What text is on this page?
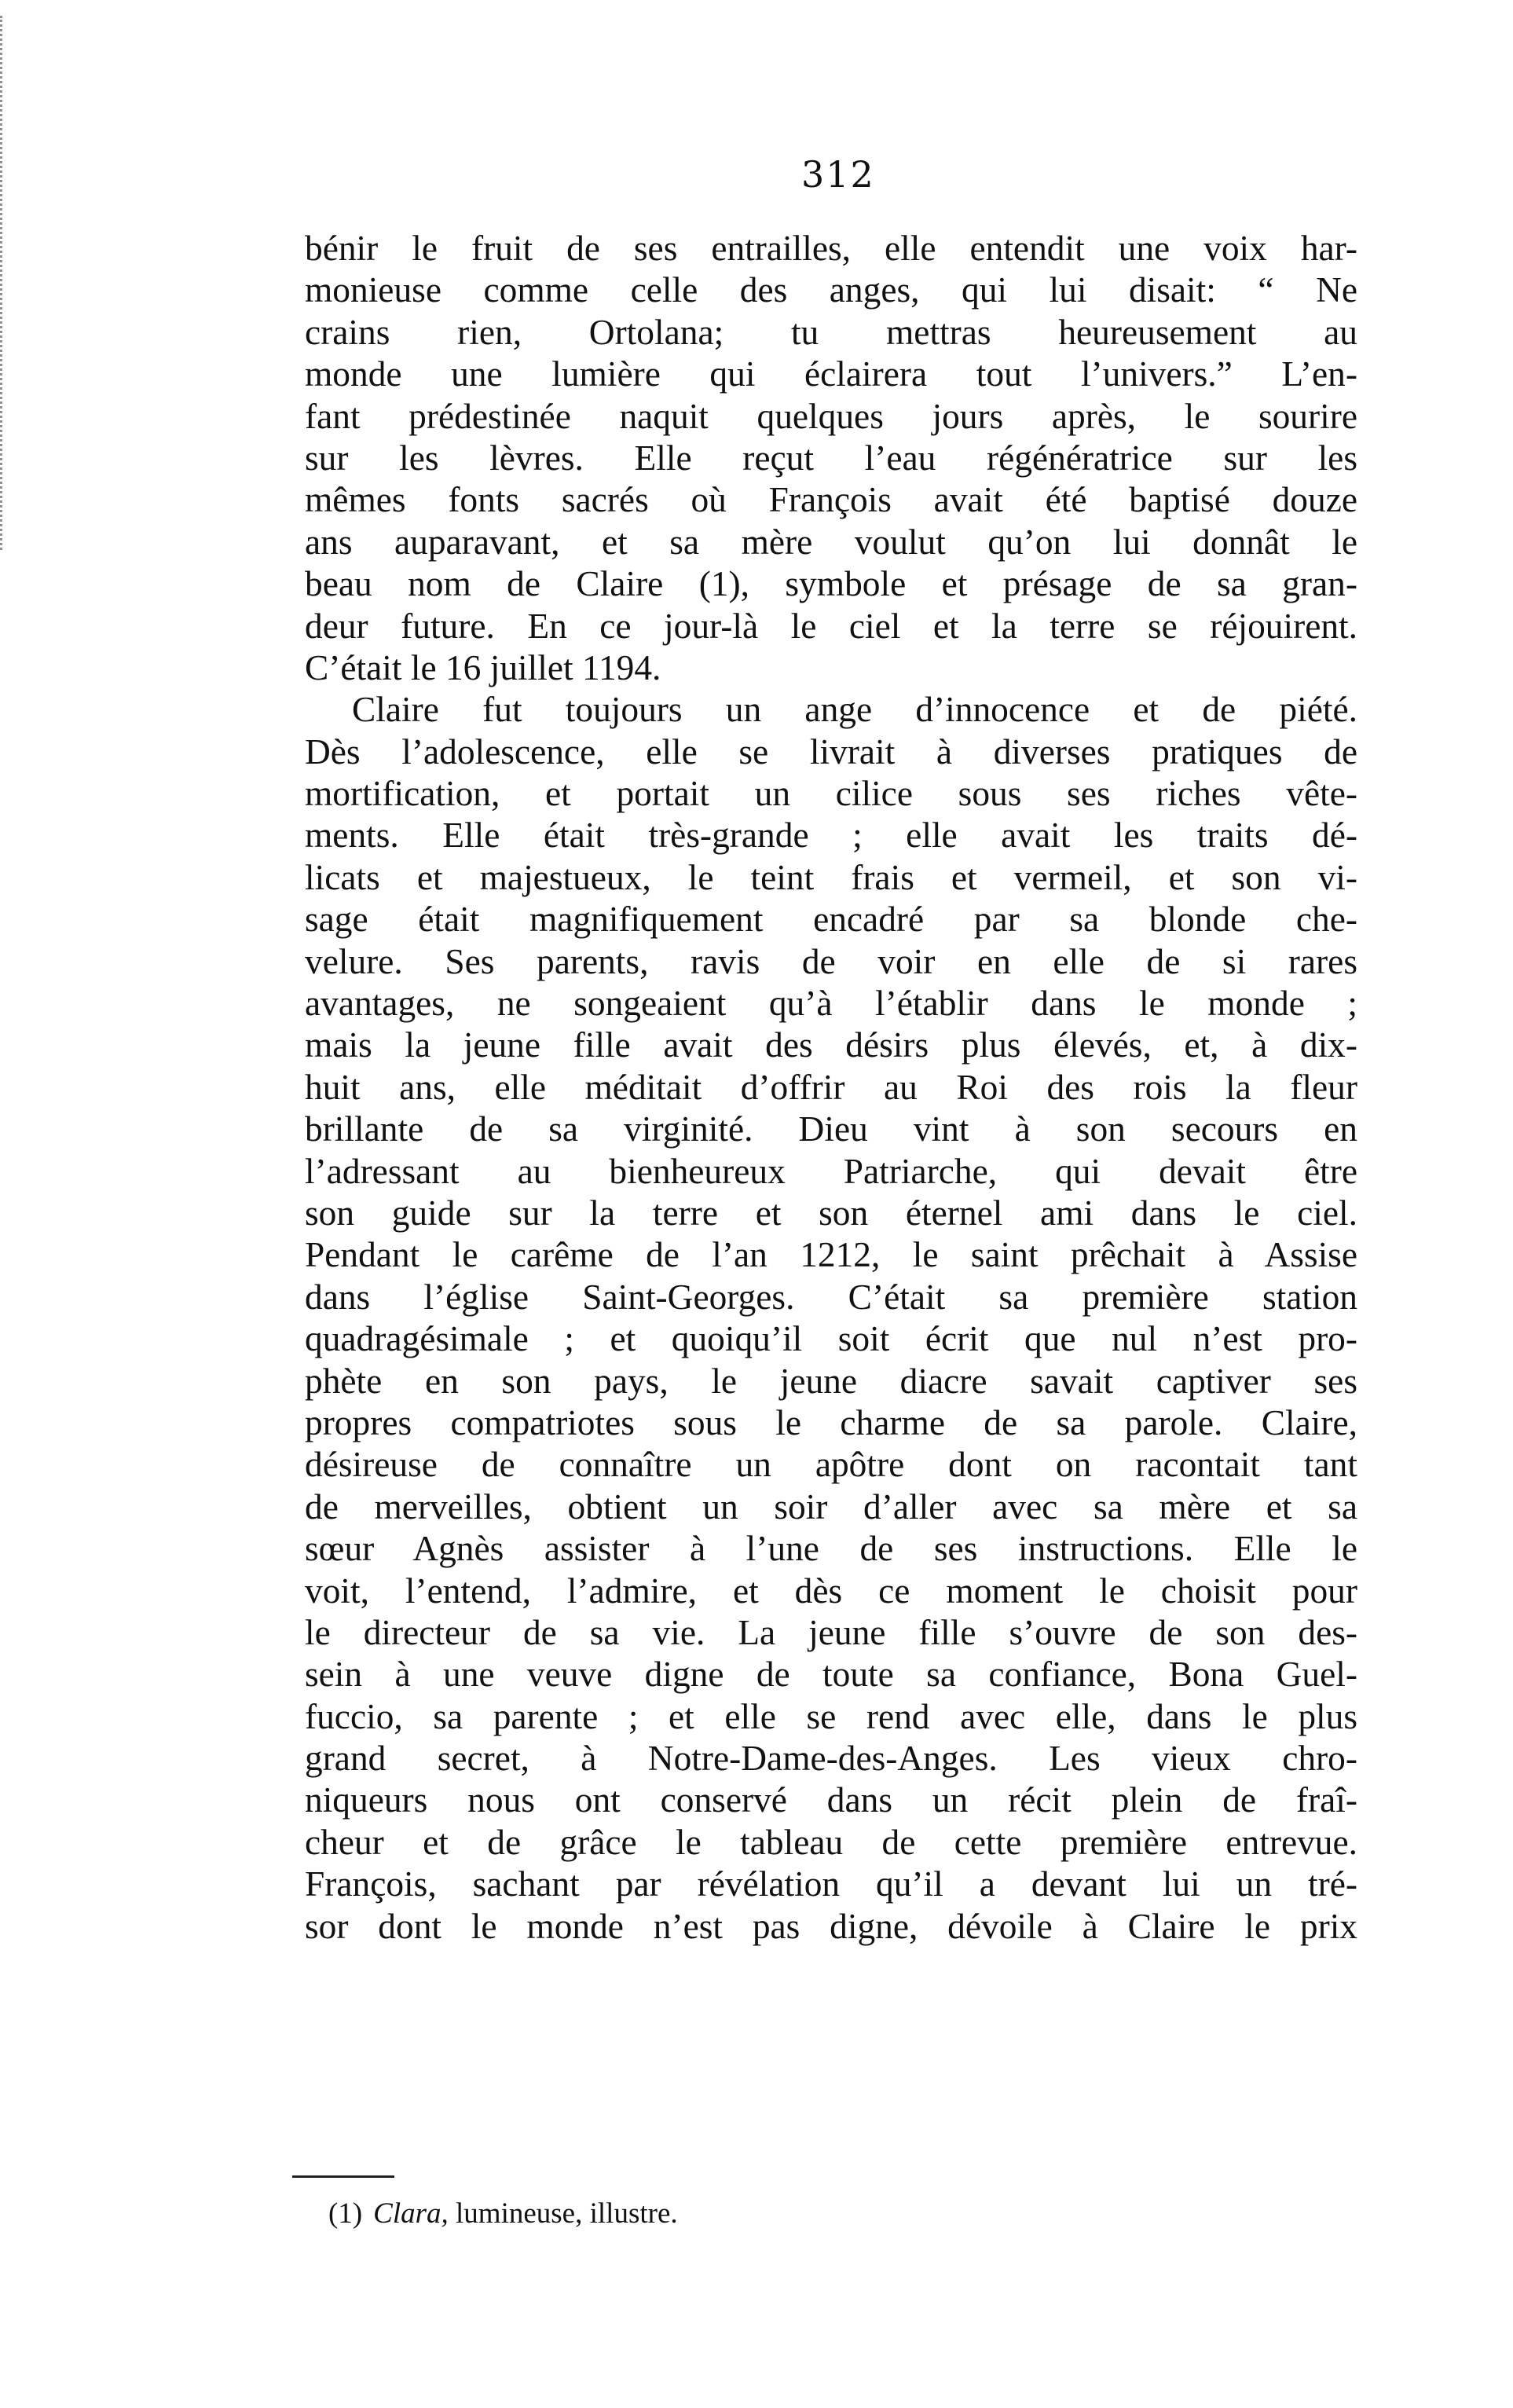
312
bénir le fruit de ses entrailles, elle entendit une voix har-
monieuse comme celle des anges, qui lui disait: “ Ne
crains rien, Ortolana; tu mettras heureusement au
monde une lumière qui éclairera tout l’univers.” L’en-
fant prédestinée naquit quelques jours après, le sourire
sur les lèvres. Elle reçut l’eau régénératrice sur les
mêmes fonts sacrés où François avait été baptisé douze
ans auparavant, et sa mère voulut qu’on lui donnât le
beau nom de Claire (1), symbole et présage de sa gran-
deur future. En ce jour-là le ciel et la terre se réjouirent.
C’était le 16 juillet 1194.
Claire fut toujours un ange d’innocence et de piété.
Dès l’adolescence, elle se livrait à diverses pratiques de
mortification, et portait un cilice sous ses riches vête-
ments. Elle était très-grande ; elle avait les traits dé-
licats et majestueux, le teint frais et vermeil, et son vi-
sage était magnifiquement encadré par sa blonde che-
velure. Ses parents, ravis de voir en elle de si rares
avantages, ne songeaient qu’à l’établir dans le monde ;
mais la jeune fille avait des désirs plus élevés, et, à dix-
huit ans, elle méditait d’offrir au Roi des rois la fleur
brillante de sa virginité. Dieu vint à son secours en
l’adressant au bienheureux Patriarche, qui devait être
son guide sur la terre et son éternel ami dans le ciel.
Pendant le carême de l’an 1212, le saint prêchait à Assise
dans l’église Saint-Georges. C’était sa première station
quadragésimale ; et quoiqu’il soit écrit que nul n’est pro-
phète en son pays, le jeune diacre savait captiver ses
propres compatriotes sous le charme de sa parole. Claire,
désireuse de connaître un apôtre dont on racontait tant
de merveilles, obtient un soir d’aller avec sa mère et sa
sœur Agnès assister à l’une de ses instructions. Elle le
voit, l’entend, l’admire, et dès ce moment le choisit pour
le directeur de sa vie. La jeune fille s’ouvre de son des-
sein à une veuve digne de toute sa confiance, Bona Guel-
fuccio, sa parente ; et elle se rend avec elle, dans le plus
grand secret, à Notre-Dame-des-Anges. Les vieux chro-
niqueurs nous ont conservé dans un récit plein de fraî-
cheur et de grâce le tableau de cette première entrevue.
François, sachant par révélation qu’il a devant lui un tré-
sor dont le monde n’est pas digne, dévoile à Claire le prix
(1) Clara, lumineuse, illustre.
